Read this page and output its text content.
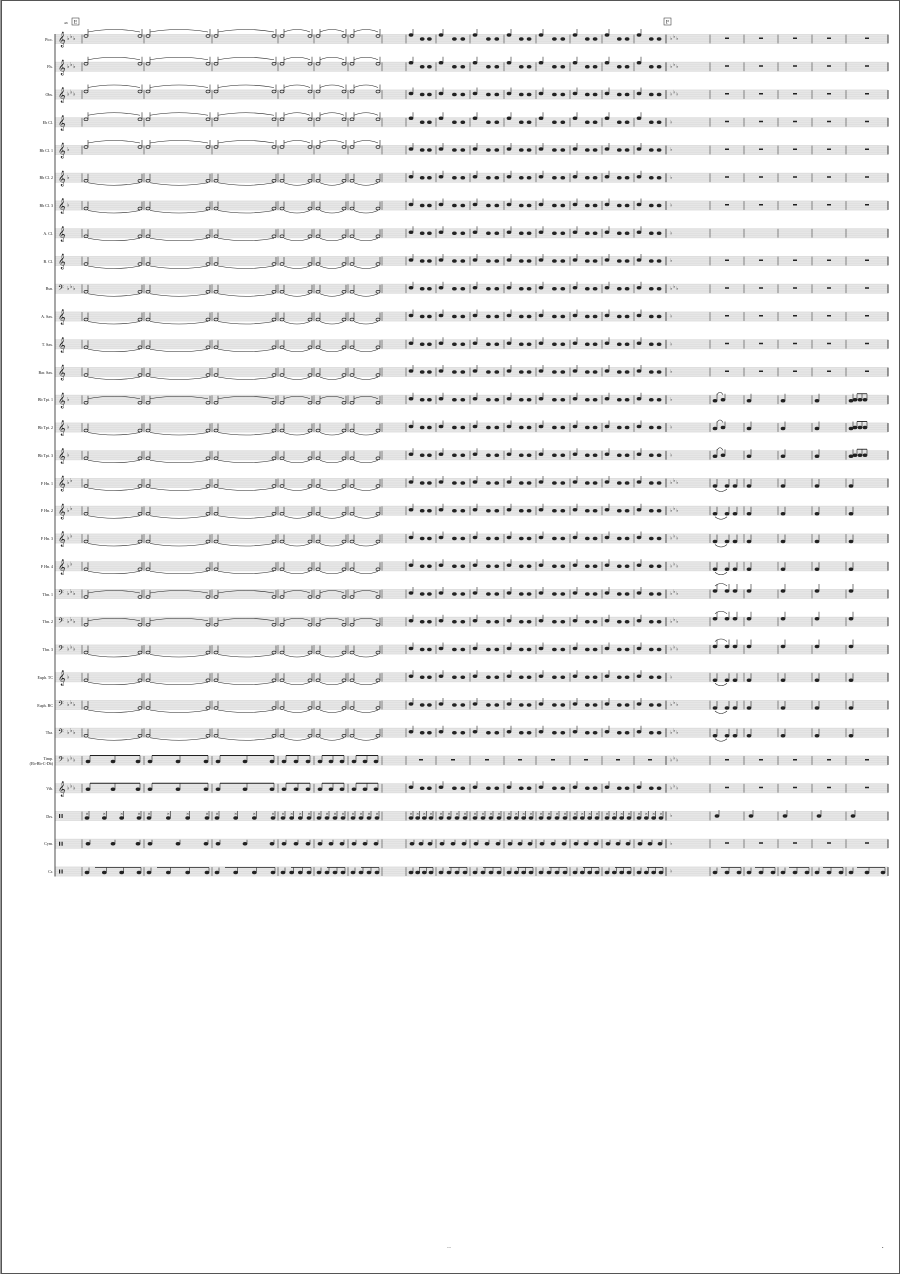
Picc.
Fls.
Obs.
Eb Cl.
Bb Cl. 1
Bb Cl. 2
Bb Cl. 3
A. Cl.
B. Cl.
Bsn.
A. Sax.
T. Sax.
Bar. Sax.
Bb Tpt. 1
Bb Tpt. 2
Bb Tpt. 3
F Hn. 1
F Hn. 2
F Hn. 3
F Hn. 4
Tbn. 1
Tbn. 2
Tbn. 3
Euph. TC
Euph. BC
Tba.
Timp.
(Eb-Bb-C-Db)
Vib.
Drs.
Cym.
Cr.
E	F
46
𝄞 ♭ ♭ ♭	♭ ♭ ♭
𝄞 ♭ ♭ ♭	♭ ♭ ♭
𝄞 ♭ ♭ ♭	♭ ♭ ♭
𝄞	♭
𝄞 ♭	♭
𝄞 ♭	♭
𝄞 ♭	♭
𝄞	♭
𝄞	♭
𝄢 ♭ ♭ ♭	♭ ♭ ♭
𝄞	♭
𝄞	♭
𝄞	♭
𝄞 ♭	♭
𝄞 ♭	♭
𝄞 ♭	♭
𝄞 ♭ ♭	♭ ♭ ♭
𝄞 ♭ ♭	♭ ♭ ♭
𝄞 ♭ ♭	♭ ♭ ♭
𝄞 ♭ ♭	♭ ♭ ♭
𝄢 ♭ ♭ ♭	♭ ♭ ♭
𝄢 ♭ ♭ ♭	♭ ♭ ♭
𝄢 ♭ ♭ ♭	♭ ♭ ♭
𝄞 ♭	♭
𝄢 ♭ ♭ ♭	♭ ♭ ♭
𝄢 ♭ ♭ ♭	♭ ♭ ♭
𝄢 ♭ ♭ ♭	♭ ♭ ♭
𝄞 ♭ ♭ ♭	♭ ♭ ♭
×	×	×	× ×	×	×	× ×	×	×	× × × × × × × × × × × × ×	× × × × × × × × × × × × × × × × × × × × × × × × × × × × × × × × ♭
♭
♭
---	•
